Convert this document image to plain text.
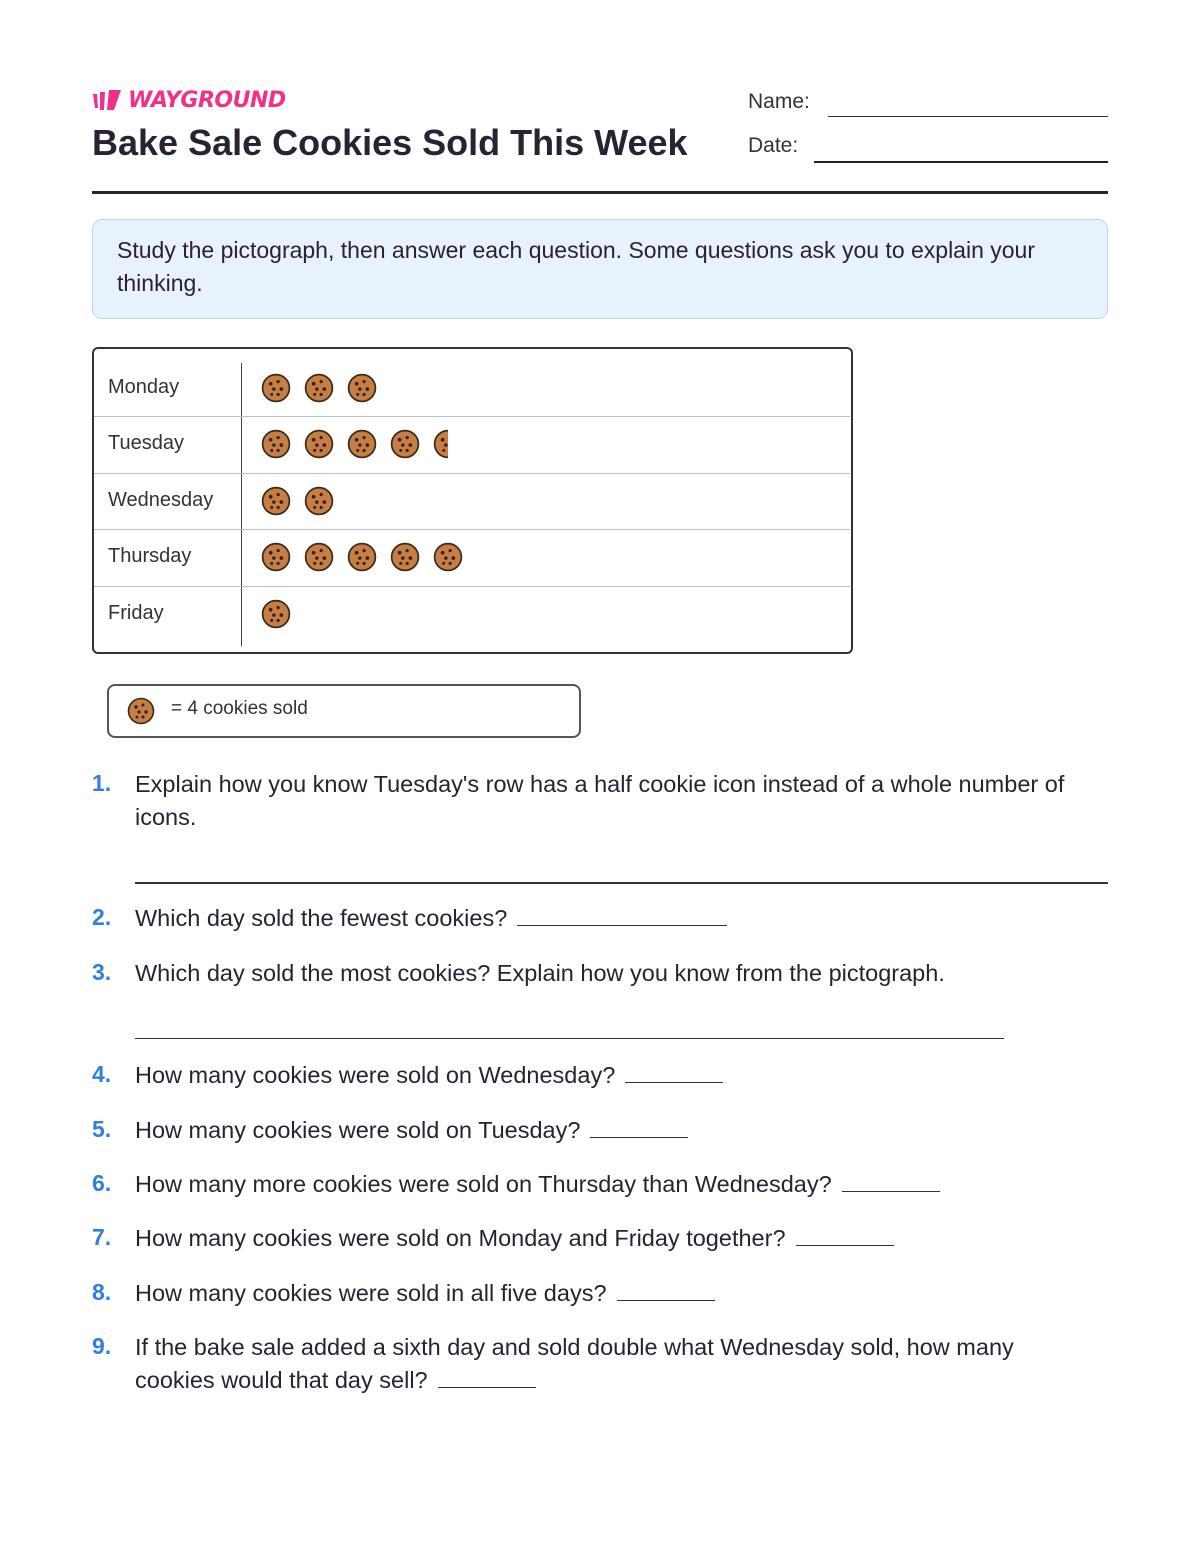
WAYGROUND
Bake Sale Cookies Sold This Week
Name:
Date:
Study the pictograph, then answer each question. Some questions ask you to explain your thinking.
Monday
Tuesday
Wednesday
Thursday
Friday
= 4 cookies sold
1. Explain how you know Tuesday's row has a half cookie icon instead of a whole number of icons.
2. Which day sold the fewest cookies?
3. Which day sold the most cookies? Explain how you know from the pictograph.
4. How many cookies were sold on Wednesday?
5. How many cookies were sold on Tuesday?
6. How many more cookies were sold on Thursday than Wednesday?
7. How many cookies were sold on Monday and Friday together?
8. How many cookies were sold in all five days?
9. If the bake sale added a sixth day and sold double what Wednesday sold, how many cookies would that day sell?
